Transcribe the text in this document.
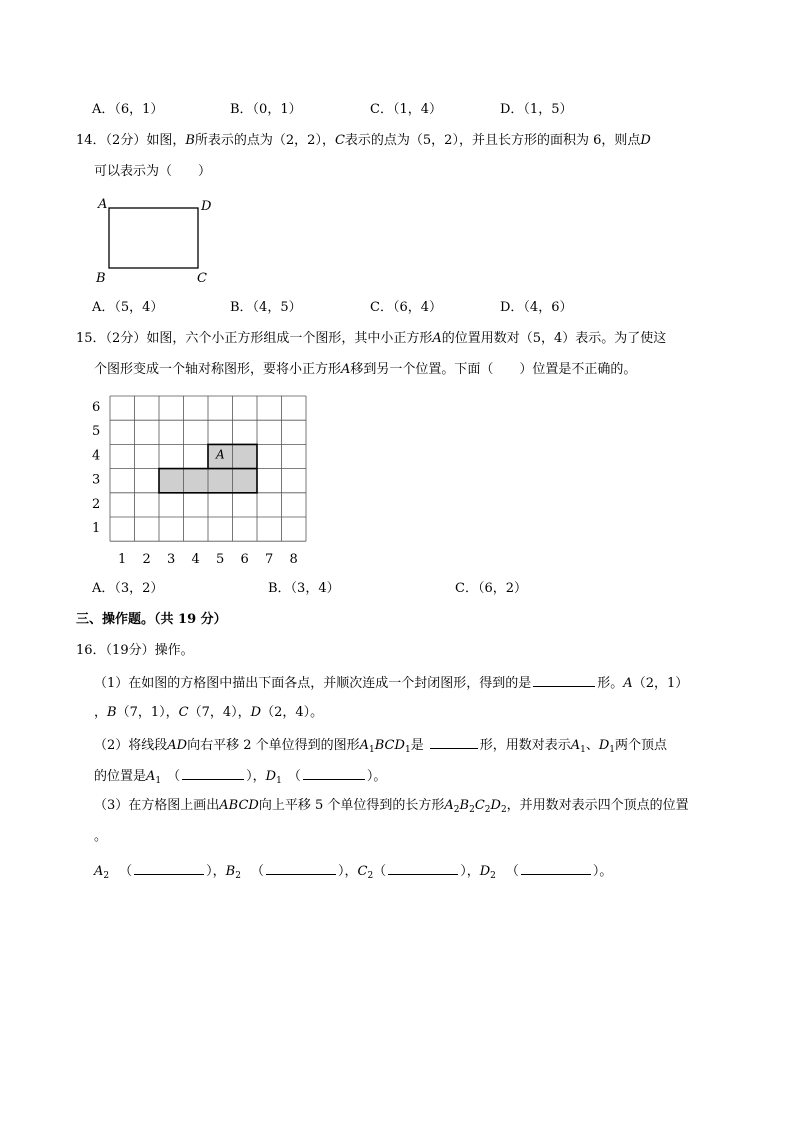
A．（6，1）	B．（0，1）	C．（1，4）	D．（1，5）
14．（2分）如图，B所表示的点为（2，2），C表示的点为（5，2），并且长方形的面积为 6，则点D
可以表示为（　　）
A	D
B	C
A．（5，4）	B．（4，5）	C．（6，4）	D．（4，6）
15．（2分）如图，六个小正方形组成一个图形，其中小正方形A的位置用数对（5，4）表示。为了使这
个图形变成一个轴对称图形，要将小正方形A移到另一个位置。下面（　　）位置是不正确的。
6
5
4
3
2
1
1 2 3 4 5 6 7 8
A
A．（3，2）	B．（3，4）	C．（6，2）
三、操作题。（共 19 分）
16．（19分）操作。
（1）在如图的方格图中描出下面各点，并顺次连成一个封闭图形，得到的是	形。A（2，1）
，B（7，1），C（7，4），D（2，4）。
（2）将线段AD向右平移 2 个单位得到的图形$A_1BCD_1$是	形，用数对表示$A_1$、$D_1$两个顶点
的位置是$A_1$ （	），$D_1$ （	）。
（3）在方格图上画出ABCD向上平移 5 个单位得到的长方形$A_2B_2C_2D_2$，并用数对表示四个顶点的位置
。
$A_2$ （	），$B_2$ （	），$C_2$（	），$D_2$ （	）。
